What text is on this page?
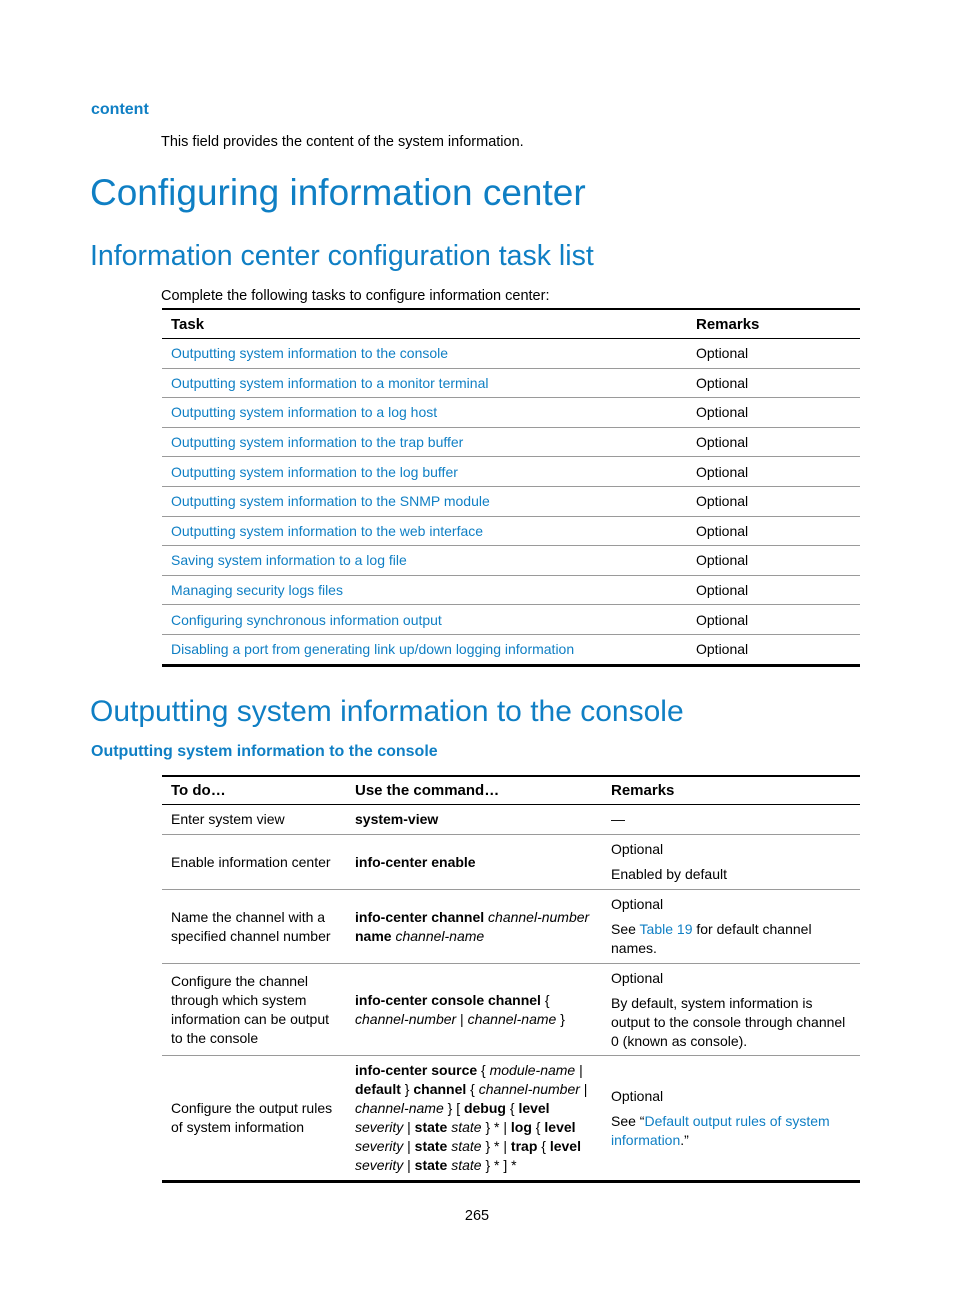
content
This field provides the content of the system information.
Configuring information center
Information center configuration task list
Complete the following tasks to configure information center:
Task	Remarks
Outputting system information to the console	Optional
Outputting system information to a monitor terminal	Optional
Outputting system information to a log host	Optional
Outputting system information to the trap buffer	Optional
Outputting system information to the log buffer	Optional
Outputting system information to the SNMP module	Optional
Outputting system information to the web interface	Optional
Saving system information to a log file	Optional
Managing security logs files	Optional
Configuring synchronous information output	Optional
Disabling a port from generating link up/down logging information	Optional
Outputting system information to the console
Outputting system information to the console
To do…	Use the command…	Remarks
Enter system view	system-view	—

Enable information center	info-center enable	Optional

Enabled by default

Name the channel with a specified channel number	info-center channel channel-number name channel-name	Optional

See Table 19 for default channel names.

Configure the channel through which system information can be output to the console	info-center console channel { channel-number | channel-name }	Optional

By default, system information is output to the console through channel 0 (known as console).

Configure the output rules of system information	info-center source { module-name | default } channel { channel-number | channel-name } [ debug { level severity | state state } * | log { level severity | state state } * | trap { level severity | state state } * ] *	Optional

See “Default output rules of system information.”

265
